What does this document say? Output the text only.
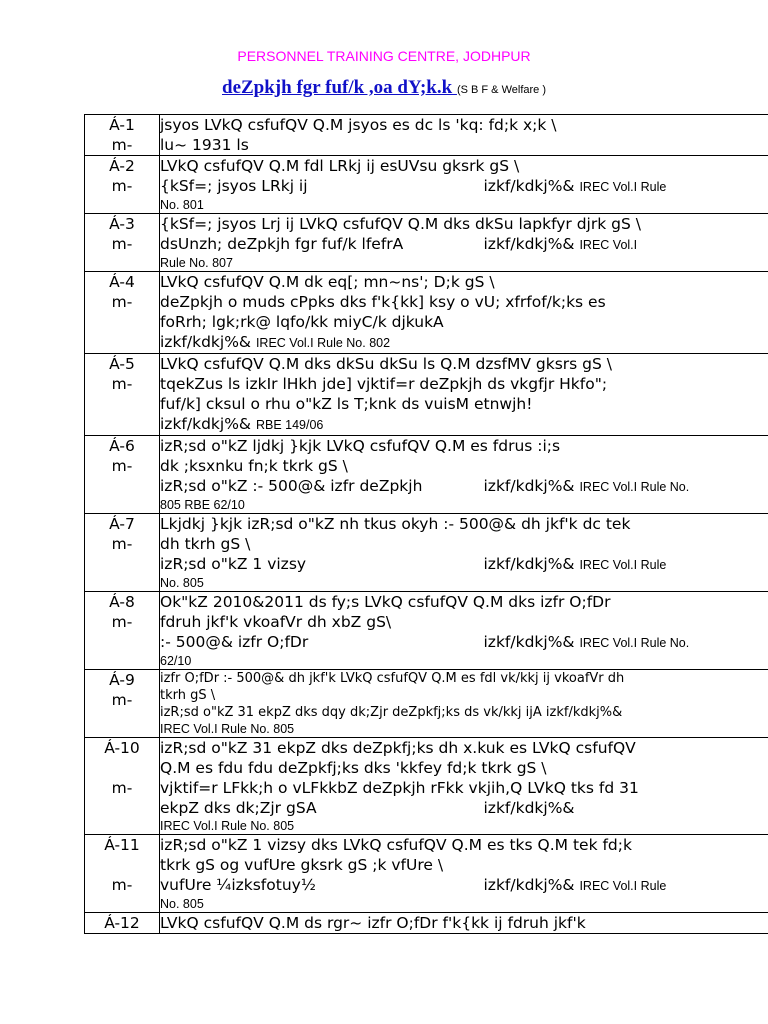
PERSONNEL TRAINING CENTRE, JODHPUR
deZpkjh fgr fuf/k ,oa dY;k.k (S B F & Welfare )
Á-1
m-	jsyos LVkQ csfufQV Q.M jsyos es dc ls 'kq: fd;k x;k \
lu~ 1931 ls

Á-2
m-	LVkQ csfufQV Q.M fdl LRkj ij esUVsu gksrk gS \
{kSf=; jsyos LRkj ij izkf/kdkj%& IREC Vol.I Rule
No. 801

Á-3
m-	{kSf=; jsyos Lrj ij LVkQ csfufQV Q.M dks dkSu lapkfyr djrk gS \
dsUnzh; deZpkjh fgr fuf/k lfefrA izkf/kdkj%& IREC Vol.I
Rule No. 807

Á-4
m-	LVkQ csfufQV Q.M dk eq[; mn~ns'; D;k gS \
deZpkjh o muds cPpks dks f'k{kk] ksy o vU; xfrfof/k;ks es
foRrh; lgk;rk@ lqfo/kk miyC/k djkukA
izkf/kdkj%& IREC Vol.I Rule No. 802

Á-5
m-	LVkQ csfufQV Q.M dks dkSu dkSu ls Q.M dzsfMV gksrs gS \
tqekZus ls izkIr lHkh jde] vjktif=r deZpkjh ds vkgfjr Hkfo";
fuf/k] cksul o rhu o"kZ ls T;knk ds vuisM etnwjh!
izkf/kdkj%& RBE 149/06

Á-6
m-	izR;sd o"kZ ljdkj }kjk LVkQ csfufQV Q.M es fdrus :i;s
dk ;ksxnku fn;k tkrk gS \
izR;sd o"kZ :- 500@& izfr deZpkjh izkf/kdkj%& IREC Vol.I Rule No.
805 RBE 62/10

Á-7
m-	Lkjdkj }kjk izR;sd o"kZ nh tkus okyh :- 500@& dh jkf'k dc tek
dh tkrh gS \
izR;sd o"kZ 1 vizsy izkf/kdkj%& IREC Vol.I Rule
No. 805

Á-8
m-	Ok"kZ 2010&2011 ds fy;s LVkQ csfufQV Q.M dks izfr O;fDr
fdruh jkf'k vkoafVr dh xbZ gS\
:- 500@& izfr O;fDr izkf/kdkj%& IREC Vol.I Rule No.
62/10

Á-9
m-	izfr O;fDr :- 500@& dh jkf'k LVkQ csfufQV Q.M es fdl vk/kkj ij vkoafVr dh
tkrh gS \
izR;sd o"kZ 31 ekpZ dks dqy dk;Zjr deZpkfj;ks ds vk/kkj ijA izkf/kdkj%&
IREC Vol.I Rule No. 805

Á-10
m-	izR;sd o"kZ 31 ekpZ dks deZpkfj;ks dh x.kuk es LVkQ csfufQV
Q.M es fdu fdu deZpkfj;ks dks 'kkfey fd;k tkrk gS \
vjktif=r LFkk;h o vLFkkbZ deZpkjh rFkk vkjih,Q LVkQ tks fd 31
ekpZ dks dk;Zjr gSA izkf/kdkj%&
IREC Vol.I Rule No. 805

Á-11
m-	izR;sd o"kZ 1 vizsy dks LVkQ csfufQV Q.M es tks Q.M tek fd;k
tkrk gS og vufUre gksrk gS ;k vfUre \
vufUre ¼izksfotuy½ izkf/kdkj%& IREC Vol.I Rule
No. 805

Á-12	LVkQ csfufQV Q.M ds rgr~ izfr O;fDr f'k{kk ij fdruh jkf'k
